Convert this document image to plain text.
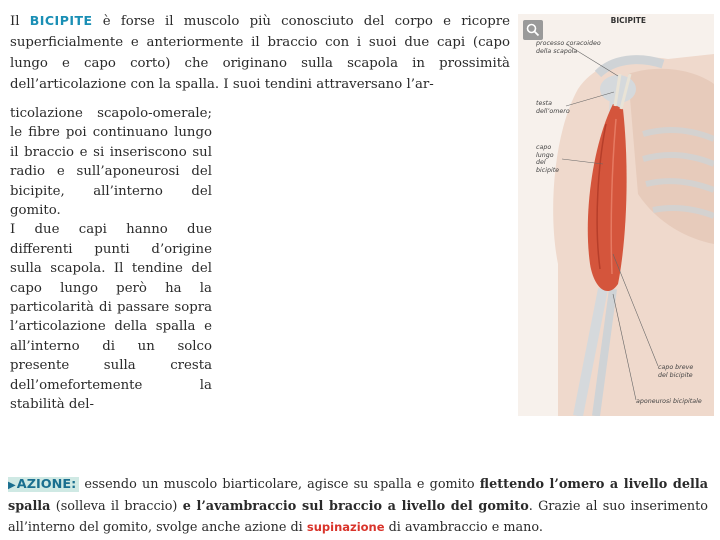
Il BICIPITE è forse il muscolo più conosciuto del corpo e ricopre superficialmente e anteriormente il braccio con i suoi due capi (capo lungo e capo corto) che originano sulla scapola in prossimità dell’articolazione con la spalla. I suoi tendini attraversano l’ar-

ticolazione scapolo-omerale; le fibre poi continuano lungo il braccio e si inseriscono sul radio e sull’aponeurosi del bicipite, all’interno del gomito.

I due capi hanno due differenti punti d’origine sulla scapola. Il tendine del capo lungo però ha la particolarità di passare sopra l’articolazione della spalla e all’interno di un solco presente sulla cresta dell’omefortemente la stabilità del-

BICIPITE
processo coracoideo
della scapola
testa
dell’omero
capo
lungo
del
bicipite
capo breve
del bicipite
aponeurosi bicipitale

▶AZIONE: essendo un muscolo biarticolare, agisce su spalla e gomito flettendo l’omero a livello della spalla (solleva il braccio) e l’avambraccio sul braccio a livello del gomito. Grazie al suo inserimento all’interno del gomito, svolge anche azione di supinazione di avambraccio e mano.
